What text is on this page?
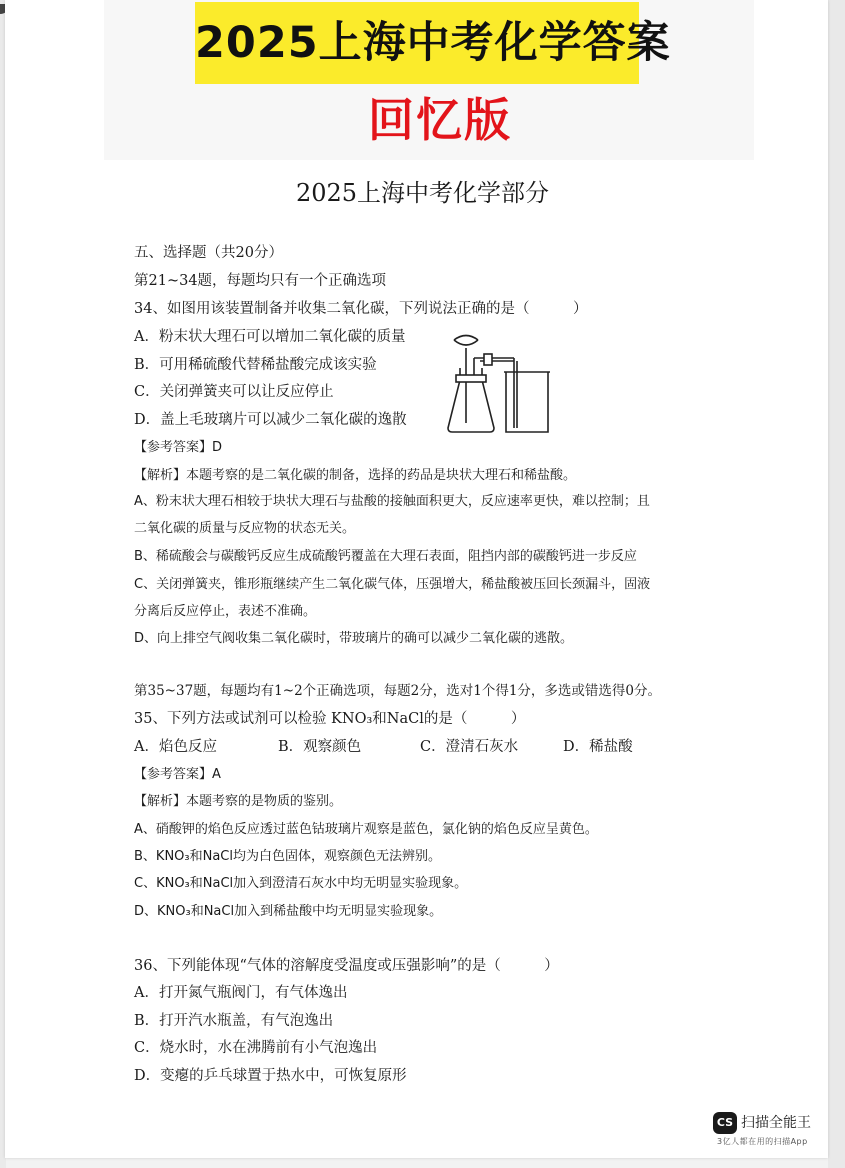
2025上海中考化学答案
回忆版
2025上海中考化学部分
五、选择题（共20分）
第21~34题，每题均只有一个正确选项
34、如图用该装置制备并收集二氧化碳，下列说法正确的是（　　　）
A．粉末状大理石可以增加二氧化碳的质量
B．可用稀硫酸代替稀盐酸完成该实验
C．关闭弹簧夹可以让反应停止
D．盖上毛玻璃片可以减少二氧化碳的逸散
【参考答案】D
【解析】本题考察的是二氧化碳的制备，选择的药品是块状大理石和稀盐酸。
A、粉末状大理石相较于块状大理石与盐酸的接触面积更大，反应速率更快，难以控制；且
二氧化碳的质量与反应物的状态无关。
B、稀硫酸会与碳酸钙反应生成硫酸钙覆盖在大理石表面，阻挡内部的碳酸钙进一步反应
C、关闭弹簧夹，锥形瓶继续产生二氧化碳气体，压强增大，稀盐酸被压回长颈漏斗，固液
分离后反应停止，表述不准确。
D、向上排空气阀收集二氧化碳时，带玻璃片的确可以减少二氧化碳的逃散。
第35~37题，每题均有1~2个正确选项，每题2分，选对1个得1分，多选或错选得0分。
35、下列方法或试剂可以检验 KNO₃和NaCl的是（　　　）
A．焰色反应	B．观察颜色	C．澄清石灰水	D．稀盐酸
【参考答案】A
【解析】本题考察的是物质的鉴别。
A、硝酸钾的焰色反应透过蓝色钴玻璃片观察是蓝色，氯化钠的焰色反应呈黄色。
B、KNO₃和NaCl均为白色固体，观察颜色无法辨别。
C、KNO₃和NaCl加入到澄清石灰水中均无明显实验现象。
D、KNO₃和NaCl加入到稀盐酸中均无明显实验现象。
36、下列能体现“气体的溶解度受温度或压强影响”的是（　　　）
A．打开氮气瓶阀门，有气体逸出
B．打开汽水瓶盖，有气泡逸出
C．烧水时，水在沸腾前有小气泡逸出
D．变瘪的乒乓球置于热水中，可恢复原形
CS 扫描全能王
3亿人都在用的扫描App
